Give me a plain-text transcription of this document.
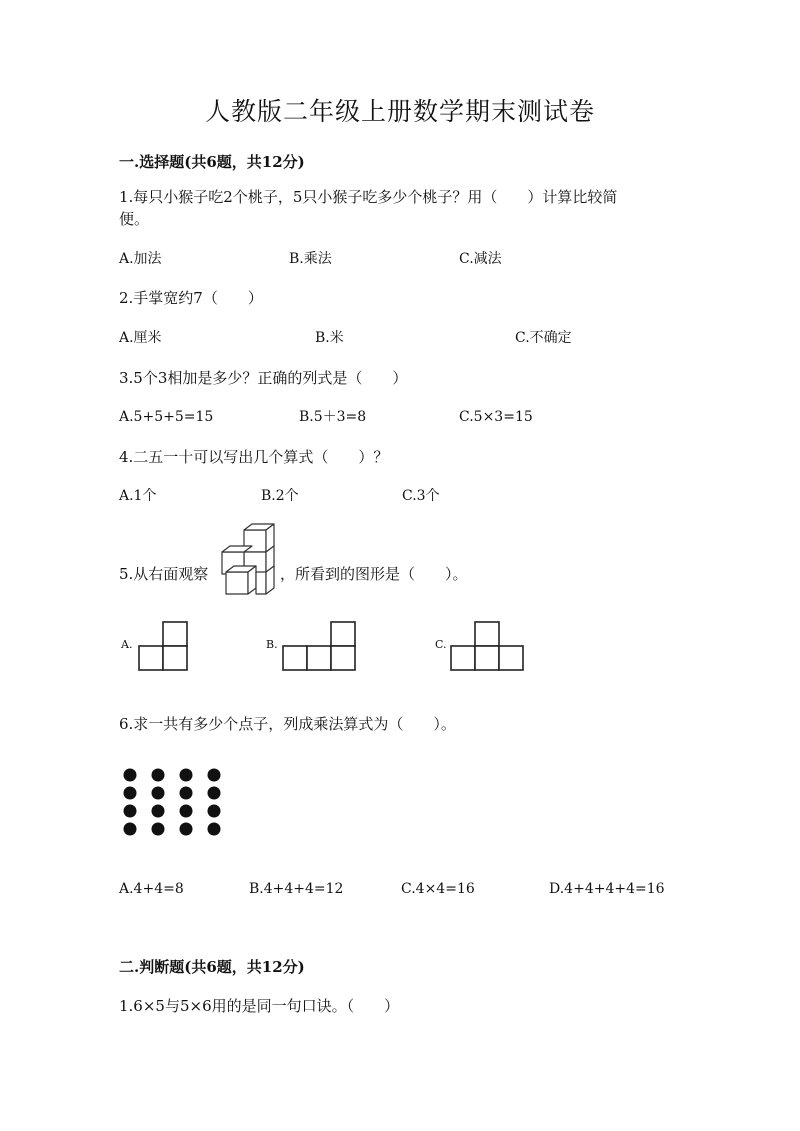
人教版二年级上册数学期末测试卷
一.选择题(共6题，共12分)
1.每只小猴子吃2个桃子，5只小猴子吃多少个桃子？用（　　）计算比较简
便。
A.加法	B.乘法	C.减法
2.手掌宽约7（　　）
A.厘米	B.米	C.不确定
3.5个3相加是多少？正确的列式是（　　）
A.5+5+5=15	B.5＋3=8	C.5×3=15
4.二五一十可以写出几个算式（　　）？
A.1个	B.2个	C.3个
5.从右面观察	，所看到的图形是（　　）。
A.	B.	C.
6.求一共有多少个点子，列成乘法算式为（　　）。
A.4+4=8	B.4+4+4=12	C.4×4=16	D.4+4+4+4=16
二.判断题(共6题，共12分)
1.6×5与5×6用的是同一句口诀。（　　）
